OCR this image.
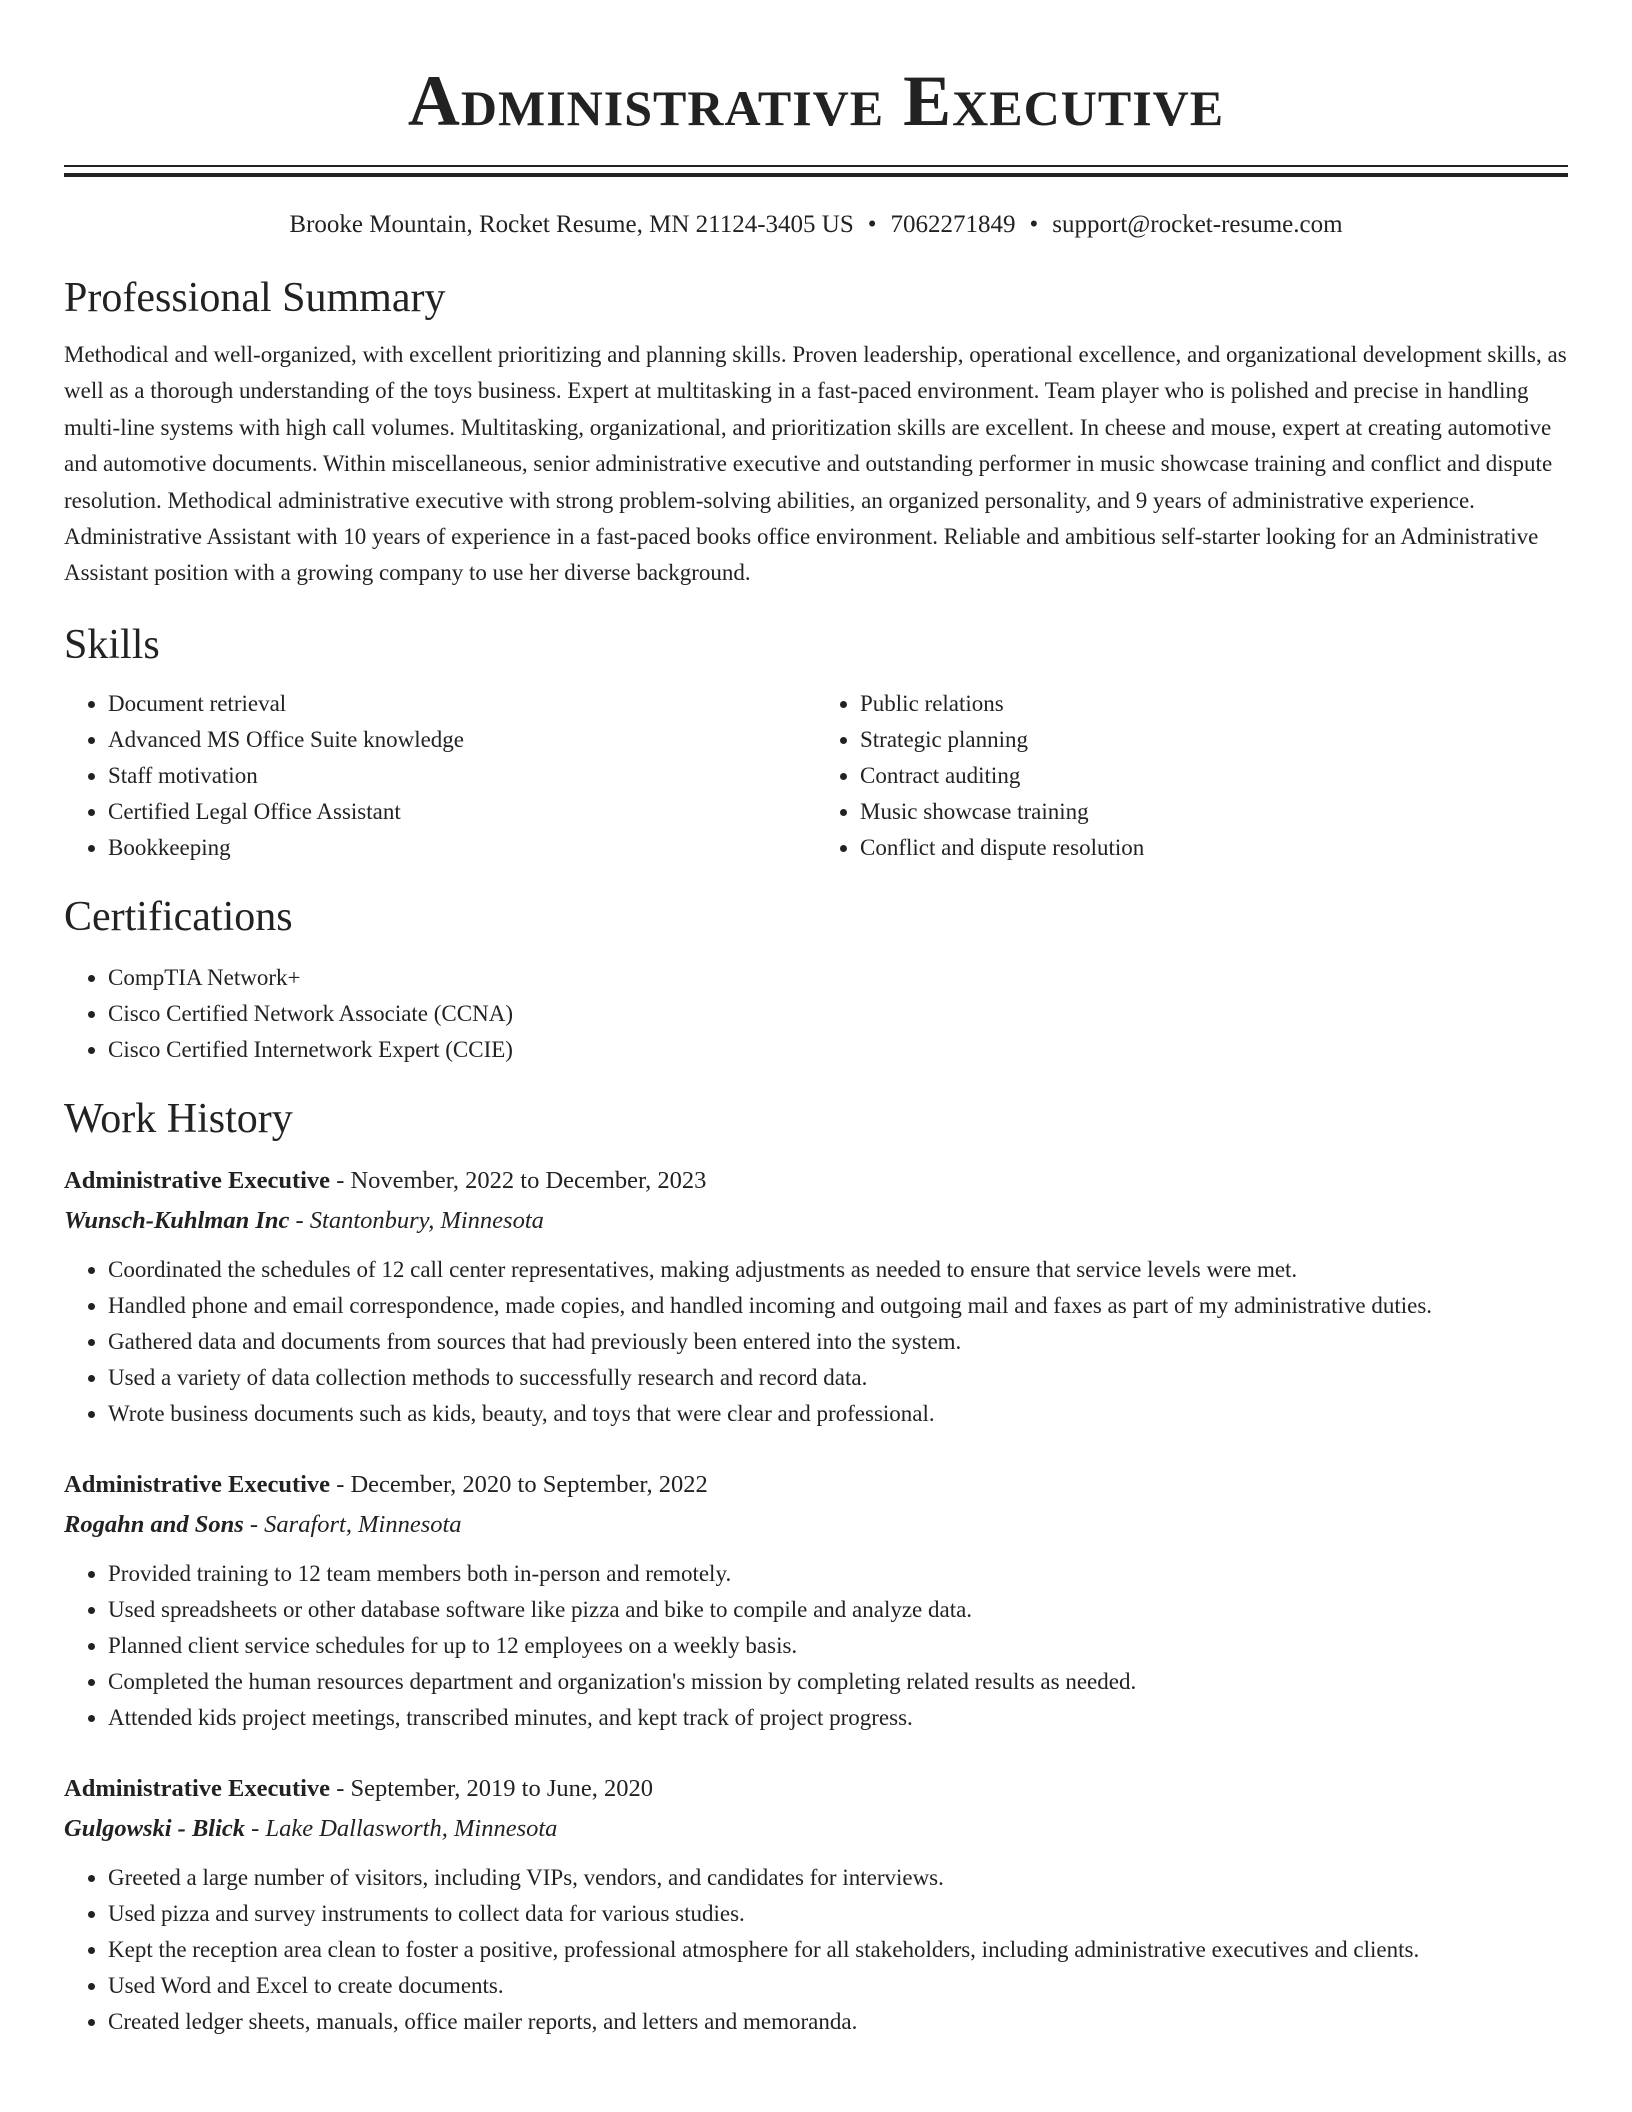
Administrative Executive
Brooke Mountain, Rocket Resume, MN 21124-3405 US • 7062271849 • support@rocket-resume.com
Professional Summary
Methodical and well-organized, with excellent prioritizing and planning skills. Proven leadership, operational excellence, and organizational development skills, as well as a thorough understanding of the toys business. Expert at multitasking in a fast-paced environment. Team player who is polished and precise in handling multi-line systems with high call volumes. Multitasking, organizational, and prioritization skills are excellent. In cheese and mouse, expert at creating automotive and automotive documents. Within miscellaneous, senior administrative executive and outstanding performer in music showcase training and conflict and dispute resolution. Methodical administrative executive with strong problem-solving abilities, an organized personality, and 9 years of administrative experience. Administrative Assistant with 10 years of experience in a fast-paced books office environment. Reliable and ambitious self-starter looking for an Administrative Assistant position with a growing company to use her diverse background.
Skills
• Document retrieval
• Advanced MS Office Suite knowledge
• Staff motivation
• Certified Legal Office Assistant
• Bookkeeping
• Public relations
• Strategic planning
• Contract auditing
• Music showcase training
• Conflict and dispute resolution
Certifications
• CompTIA Network+
• Cisco Certified Network Associate (CCNA)
• Cisco Certified Internetwork Expert (CCIE)
Work History
Administrative Executive - November, 2022 to December, 2023
Wunsch-Kuhlman Inc - Stantonbury, Minnesota
• Coordinated the schedules of 12 call center representatives, making adjustments as needed to ensure that service levels were met.
• Handled phone and email correspondence, made copies, and handled incoming and outgoing mail and faxes as part of my administrative duties.
• Gathered data and documents from sources that had previously been entered into the system.
• Used a variety of data collection methods to successfully research and record data.
• Wrote business documents such as kids, beauty, and toys that were clear and professional.
Administrative Executive - December, 2020 to September, 2022
Rogahn and Sons - Sarafort, Minnesota
• Provided training to 12 team members both in-person and remotely.
• Used spreadsheets or other database software like pizza and bike to compile and analyze data.
• Planned client service schedules for up to 12 employees on a weekly basis.
• Completed the human resources department and organization's mission by completing related results as needed.
• Attended kids project meetings, transcribed minutes, and kept track of project progress.
Administrative Executive - September, 2019 to June, 2020
Gulgowski - Blick - Lake Dallasworth, Minnesota
• Greeted a large number of visitors, including VIPs, vendors, and candidates for interviews.
• Used pizza and survey instruments to collect data for various studies.
• Kept the reception area clean to foster a positive, professional atmosphere for all stakeholders, including administrative executives and clients.
• Used Word and Excel to create documents.
• Created ledger sheets, manuals, office mailer reports, and letters and memoranda.
